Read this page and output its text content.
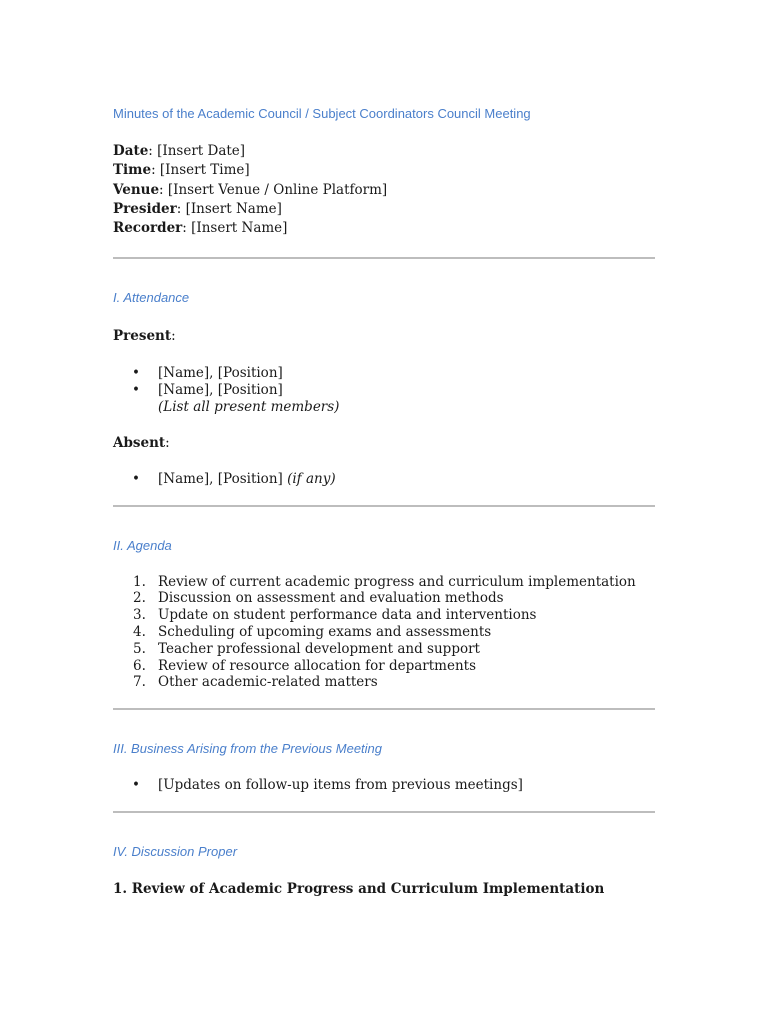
Minutes of the Academic Council / Subject Coordinators Council Meeting
Date: [Insert Date]
Time: [Insert Time]
Venue: [Insert Venue / Online Platform]
Presider: [Insert Name]
Recorder: [Insert Name]
I. Attendance
Present:
• [Name], [Position]
• [Name], [Position]
(List all present members)
Absent:
• [Name], [Position] (if any)
II. Agenda
1. Review of current academic progress and curriculum implementation
2. Discussion on assessment and evaluation methods
3. Update on student performance data and interventions
4. Scheduling of upcoming exams and assessments
5. Teacher professional development and support
6. Review of resource allocation for departments
7. Other academic-related matters
III. Business Arising from the Previous Meeting
• [Updates on follow-up items from previous meetings]
IV. Discussion Proper
1. Review of Academic Progress and Curriculum Implementation
